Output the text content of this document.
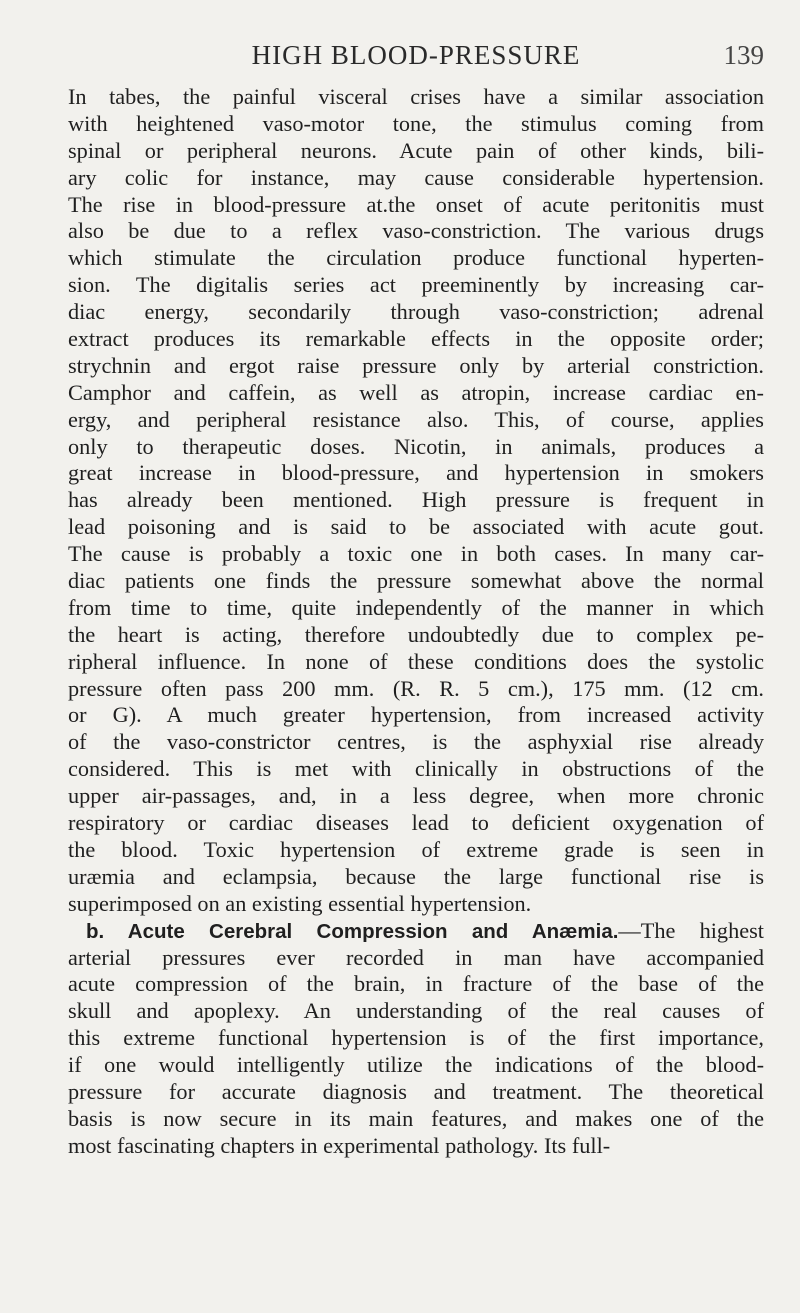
HIGH BLOOD-PRESSURE	139
In tabes, the painful visceral crises have a similar association
with heightened vaso-motor tone, the stimulus coming from
spinal or peripheral neurons. Acute pain of other kinds, bili-
ary colic for instance, may cause considerable hypertension.
The rise in blood-pressure at.the onset of acute peritonitis must
also be due to a reflex vaso-constriction. The various drugs
which stimulate the circulation produce functional hyperten-
sion. The digitalis series act preeminently by increasing car-
diac energy, secondarily through vaso-constriction; adrenal
extract produces its remarkable effects in the opposite order;
strychnin and ergot raise pressure only by arterial constriction.
Camphor and caffein, as well as atropin, increase cardiac en-
ergy, and peripheral resistance also. This, of course, applies
only to therapeutic doses. Nicotin, in animals, produces a
great increase in blood-pressure, and hypertension in smokers
has already been mentioned. High pressure is frequent in
lead poisoning and is said to be associated with acute gout.
The cause is probably a toxic one in both cases. In many car-
diac patients one finds the pressure somewhat above the normal
from time to time, quite independently of the manner in which
the heart is acting, therefore undoubtedly due to complex pe-
ripheral influence. In none of these conditions does the systolic
pressure often pass 200 mm. (R. R. 5 cm.), 175 mm. (12 cm.
or G). A much greater hypertension, from increased activity
of the vaso-constrictor centres, is the asphyxial rise already
considered. This is met with clinically in obstructions of the
upper air-passages, and, in a less degree, when more chronic
respiratory or cardiac diseases lead to deficient oxygenation of
the blood. Toxic hypertension of extreme grade is seen in
uræmia and eclampsia, because the large functional rise is
superimposed on an existing essential hypertension.
b. Acute Cerebral Compression and Anæmia.—The highest
arterial pressures ever recorded in man have accompanied
acute compression of the brain, in fracture of the base of the
skull and apoplexy. An understanding of the real causes of
this extreme functional hypertension is of the first importance,
if one would intelligently utilize the indications of the blood-
pressure for accurate diagnosis and treatment. The theoretical
basis is now secure in its main features, and makes one of the
most fascinating chapters in experimental pathology. Its full-
